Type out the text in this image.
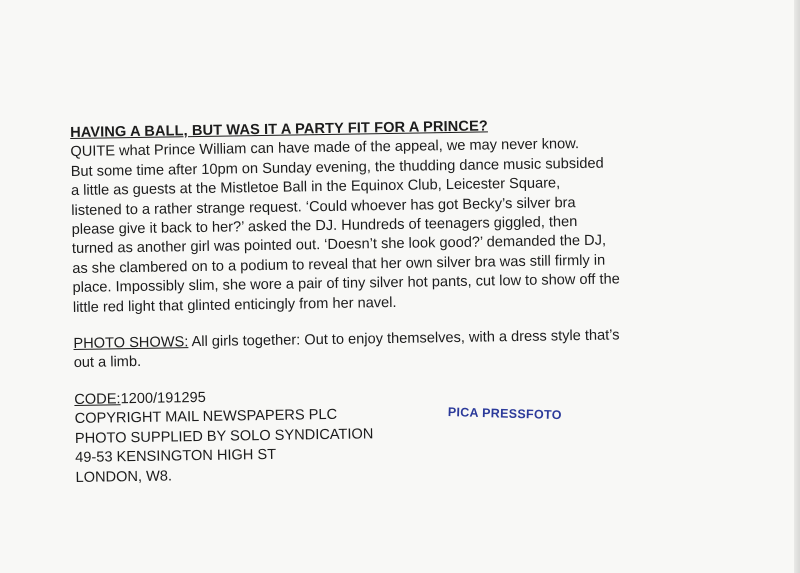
HAVING A BALL, BUT WAS IT A PARTY FIT FOR A PRINCE?

QUITE what Prince William can have made of the appeal, we may never know.

But some time after 10pm on Sunday evening, the thudding dance music subsided

a little as guests at the Mistletoe Ball in the Equinox Club, Leicester Square,

listened to a rather strange request. ‘Could whoever has got Becky’s silver bra

please give it back to her?’ asked the DJ. Hundreds of teenagers giggled, then

turned as another girl was pointed out. ‘Doesn’t she look good?’ demanded the DJ,

as she clambered on to a podium to reveal that her own silver bra was still firmly in

place. Impossibly slim, she wore a pair of tiny silver hot pants, cut low to show off the

little red light that glinted enticingly from her navel.

PHOTO SHOWS: All girls together: Out to enjoy themselves, with a dress style that’s

out a limb.

CODE:1200/191295

COPYRIGHT MAIL NEWSPAPERS PLC

PHOTO SUPPLIED BY SOLO SYNDICATION

49-53 KENSINGTON HIGH ST

LONDON, W8.

PICA PRESSFOTO
